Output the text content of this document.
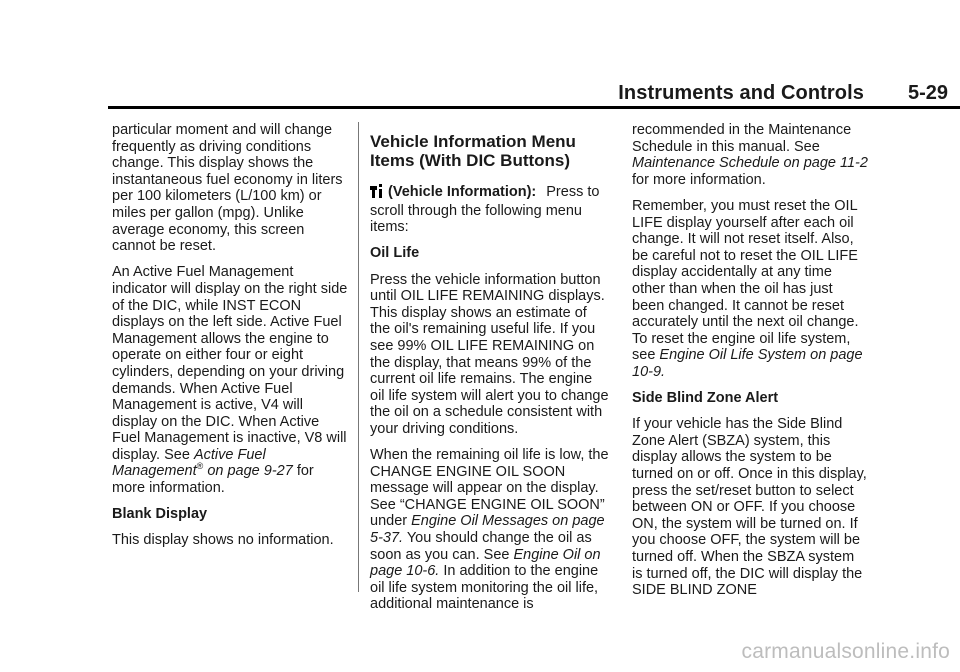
Instruments and Controls 5-29

particular moment and will change frequently as driving conditions change. This display shows the instantaneous fuel economy in liters per 100 kilometers (L/100 km) or miles per gallon (mpg). Unlike average economy, this screen cannot be reset.

An Active Fuel Management indicator will display on the right side of the DIC, while INST ECON displays on the left side. Active Fuel Management allows the engine to operate on either four or eight cylinders, depending on your driving demands. When Active Fuel Management is active, V4 will display on the DIC. When Active Fuel Management is inactive, V8 will display. See Active Fuel Management® on page 9-27 for more information.

Blank Display

This display shows no information.

Vehicle Information Menu Items (With DIC Buttons)

(Vehicle Information): Press to scroll through the following menu items:

Oil Life

Press the vehicle information button until OIL LIFE REMAINING displays. This display shows an estimate of the oil's remaining useful life. If you see 99% OIL LIFE REMAINING on the display, that means 99% of the current oil life remains. The engine oil life system will alert you to change the oil on a schedule consistent with your driving conditions.

When the remaining oil life is low, the CHANGE ENGINE OIL SOON message will appear on the display. See “CHANGE ENGINE OIL SOON” under Engine Oil Messages on page 5-37. You should change the oil as soon as you can. See Engine Oil on page 10-6. In addition to the engine oil life system monitoring the oil life, additional maintenance is

recommended in the Maintenance Schedule in this manual. See Maintenance Schedule on page 11-2 for more information.

Remember, you must reset the OIL LIFE display yourself after each oil change. It will not reset itself. Also, be careful not to reset the OIL LIFE display accidentally at any time other than when the oil has just been changed. It cannot be reset accurately until the next oil change. To reset the engine oil life system, see Engine Oil Life System on page 10-9.

Side Blind Zone Alert

If your vehicle has the Side Blind Zone Alert (SBZA) system, this display allows the system to be turned on or off. Once in this display, press the set/reset button to select between ON or OFF. If you choose ON, the system will be turned on. If you choose OFF, the system will be turned off. When the SBZA system is turned off, the DIC will display the SIDE BLIND ZONE

carmanualsonline.info
